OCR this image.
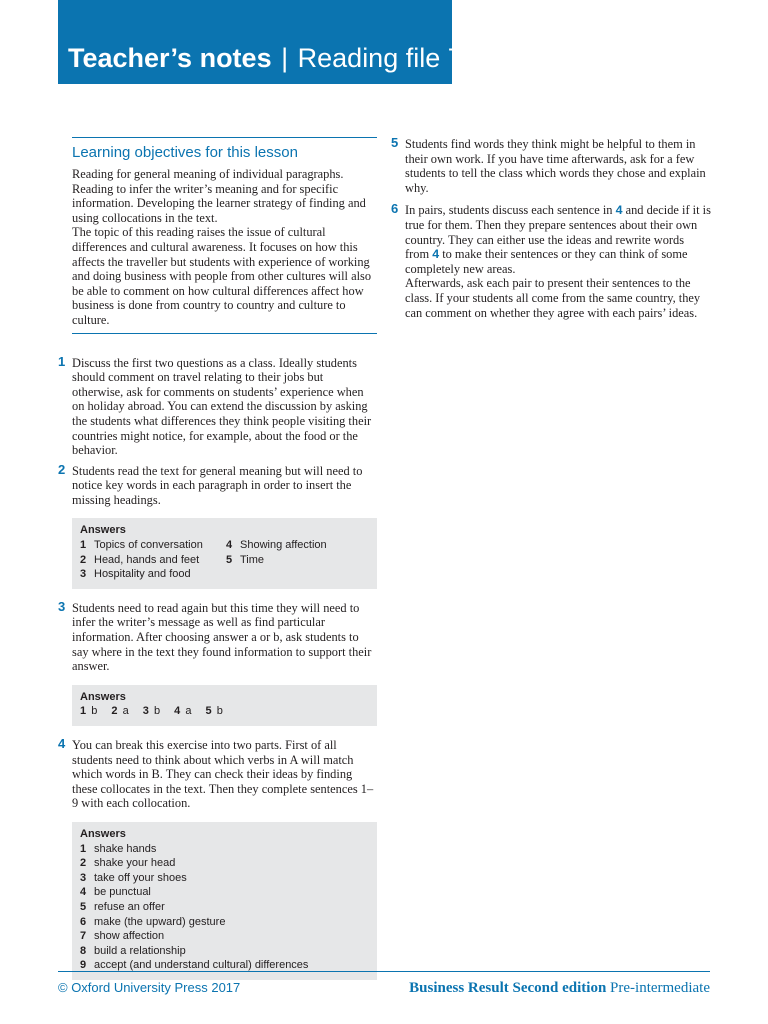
Teacher’s notes | Reading file 7
Learning objectives for this lesson

Reading for general meaning of individual paragraphs. Reading to infer the writer’s meaning and for specific information. Developing the learner strategy of finding and using collocations in the text.

The topic of this reading raises the issue of cultural differences and cultural awareness. It focuses on how this affects the traveller but students with experience of working and doing business with people from other cultures will also be able to comment on how cultural differences affect how business is done from country to country and culture to culture.

1 Discuss the first two questions as a class. Ideally students should comment on travel relating to their jobs but otherwise, ask for comments on students’ experience when on holiday abroad. You can extend the discussion by asking the students what differences they think people visiting their countries might notice, for example, about the food or the behavior.

2 Students read the text for general meaning but will need to notice key words in each paragraph in order to insert the missing headings.

Answers
1 Topics of conversation	4 Showing affection
2 Head, hands and feet	5 Time
3 Hospitality and food
3 Students need to read again but this time they will need to infer the writer’s message as well as find particular information. After choosing answer a or b, ask students to say where in the text they found information to support their answer.

Answers
1 b 2 a 3 b 4 a 5 b
4 You can break this exercise into two parts. First of all students need to think about which verbs in A will match which words in B. They can check their ideas by finding these collocates in the text. Then they complete sentences 1–9 with each collocation.

Answers
1 shake hands
2 shake your head
3 take off your shoes
4 be punctual
5 refuse an offer
6 make (the upward) gesture
7 show affection
8 build a relationship
9 accept (and understand cultural) differences
5 Students find words they think might be helpful to them in their own work. If you have time afterwards, ask for a few students to tell the class which words they chose and explain why.

6 In pairs, students discuss each sentence in 4 and decide if it is true for them. Then they prepare sentences about their own country. They can either use the ideas and rewrite words from 4 to make their sentences or they can think of some completely new areas.

Afterwards, ask each pair to present their sentences to the class. If your students all come from the same country, they can comment on whether they agree with each pairs’ ideas.

© Oxford University Press 2017	Business Result Second edition Pre-intermediate
